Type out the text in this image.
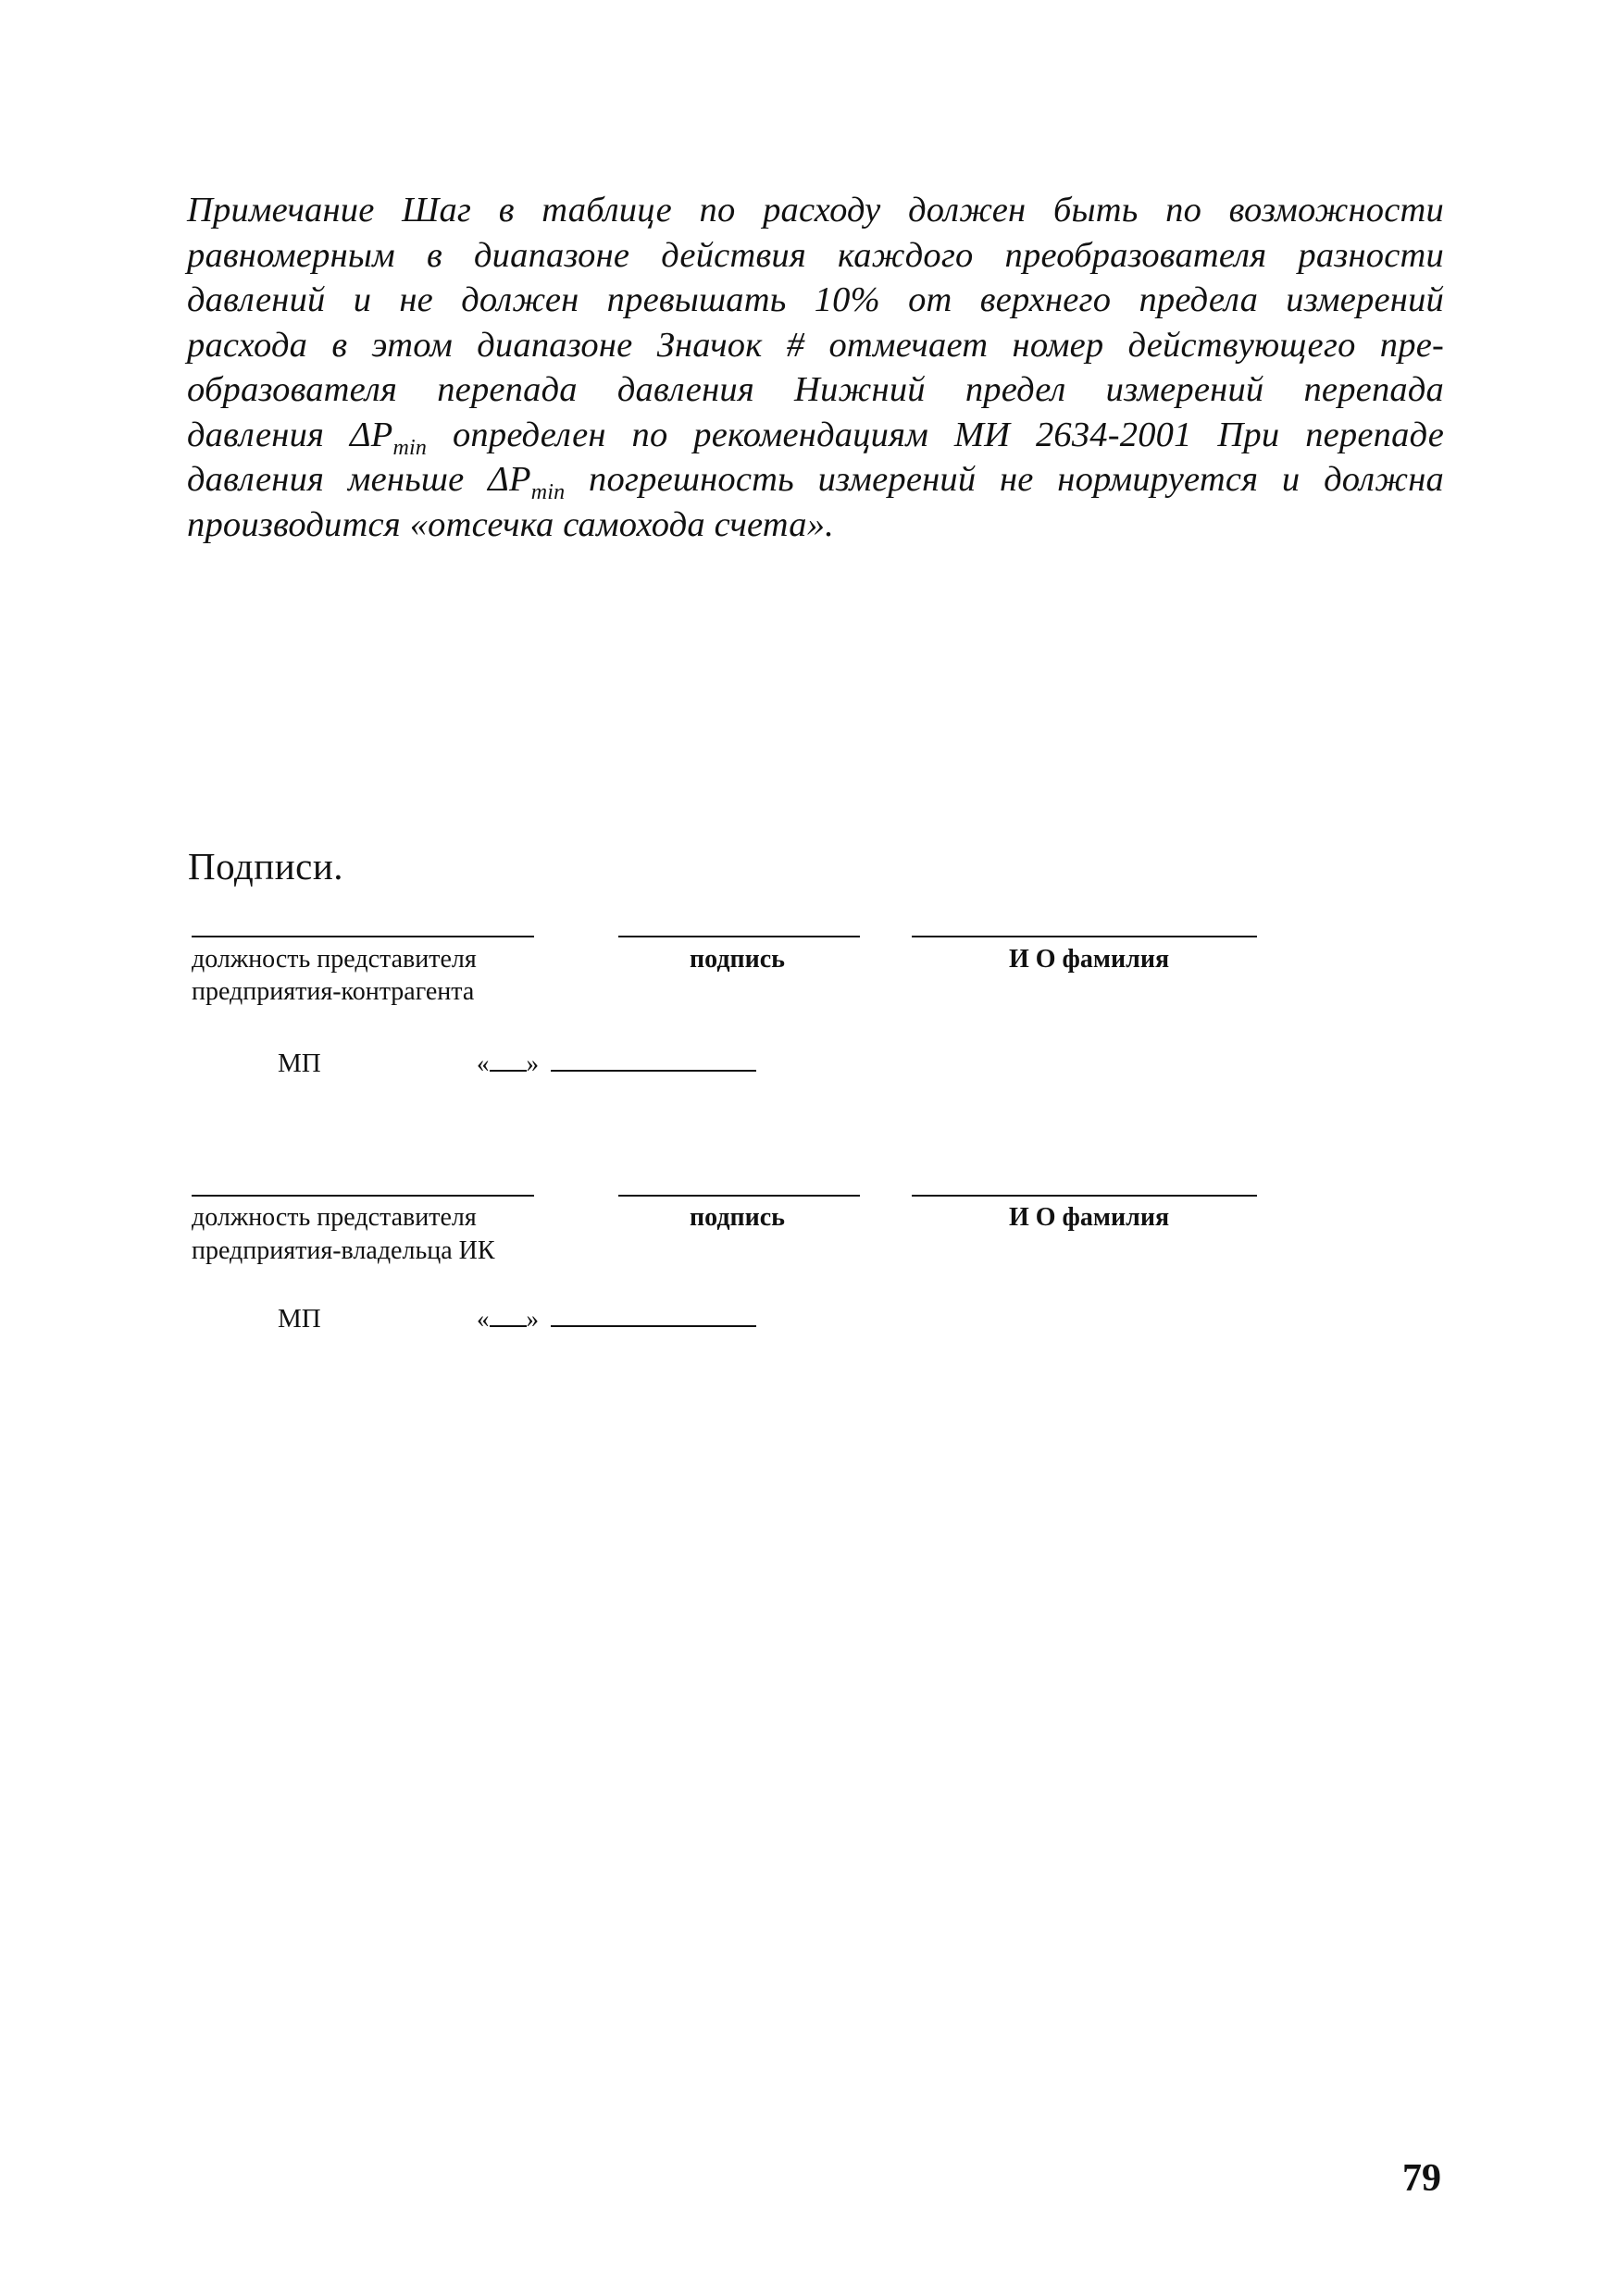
Примечание Шаг в таблице по расходу должен быть по возможности
равномерным в диапазоне действия каждого преобразователя разности
давлений и не должен превышать 10% от верхнего предела измерений
расхода в этом диапазоне Значок # отмечает номер действующего пре-
образователя перепада давления Нижний предел измерений перепада
давления $\Delta P_{min}$ определен по рекомендациям МИ 2634-2001 При перепаде
давления меньше $\Delta P_{min}$ погрешность измерений не нормируется и должна
производится «отсечка самохода счета».

Подписи.
должность представителя
предприятия-контрагента
подпись	И О фамилия
МП	« »
должность представителя
предприятия-владельца ИК
подпись	И О фамилия
МП	« »
79
